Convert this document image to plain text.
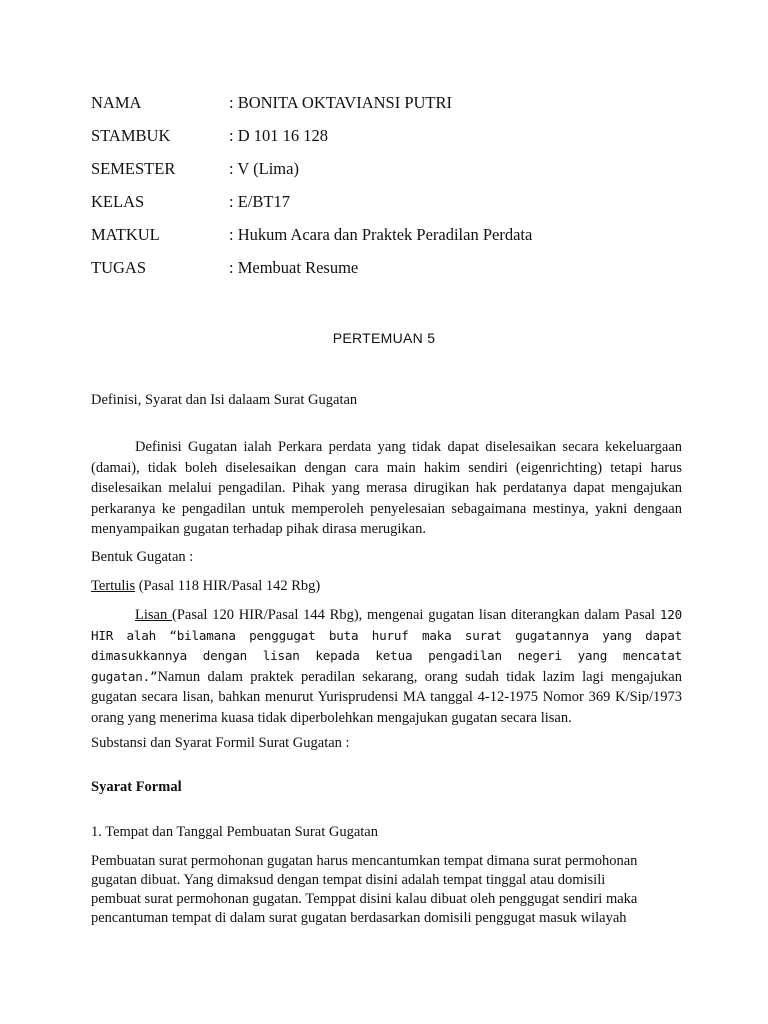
NAMA	: BONITA OKTAVIANSI PUTRI
STAMBUK	: D 101 16 128
SEMESTER	: V (Lima)
KELAS	: E/BT17
MATKUL	: Hukum Acara dan Praktek Peradilan Perdata
TUGAS	: Membuat Resume
PERTEMUAN 5
Definisi, Syarat dan Isi dalaam Surat Gugatan

Definisi Gugatan ialah Perkara perdata yang tidak dapat diselesaikan secara kekeluargaan (damai), tidak boleh diselesaikan dengan cara main hakim sendiri (eigenrichting) tetapi harus diselesaikan melalui pengadilan. Pihak yang merasa dirugikan hak perdatanya dapat mengajukan perkaranya ke pengadilan untuk memperoleh penyelesaian sebagaimana mestinya, yakni dengaan menyampaikan gugatan terhadap pihak dirasa merugikan.

Bentuk Gugatan :
Tertulis (Pasal 118 HIR/Pasal 142 Rbg)

Lisan (Pasal 120 HIR/Pasal 144 Rbg), mengenai gugatan lisan diterangkan dalam Pasal 120 HIR alah “bilamana penggugat buta huruf maka surat gugatannya yang dapat dimasukkannya dengan lisan kepada ketua pengadilan negeri yang mencatat gugatan.”Namun dalam praktek peradilan sekarang, orang sudah tidak lazim lagi mengajukan gugatan secara lisan, bahkan menurut Yurisprudensi MA tanggal 4-12-1975 Nomor 369 K/Sip/1973 orang yang menerima kuasa tidak diperbolehkan mengajukan gugatan secara lisan.

Substansi dan Syarat Formil Surat Gugatan :
Syarat Formal
1. Tempat dan Tanggal Pembuatan Surat Gugatan

Pembuatan surat permohonan gugatan harus mencantumkan tempat dimana surat permohonan

gugatan dibuat. Yang dimaksud dengan tempat disini adalah tempat tinggal atau domisili

pembuat surat permohonan gugatan. Temppat disini kalau dibuat oleh penggugat sendiri maka

pencantuman tempat di dalam surat gugatan berdasarkan domisili penggugat masuk wilayah
